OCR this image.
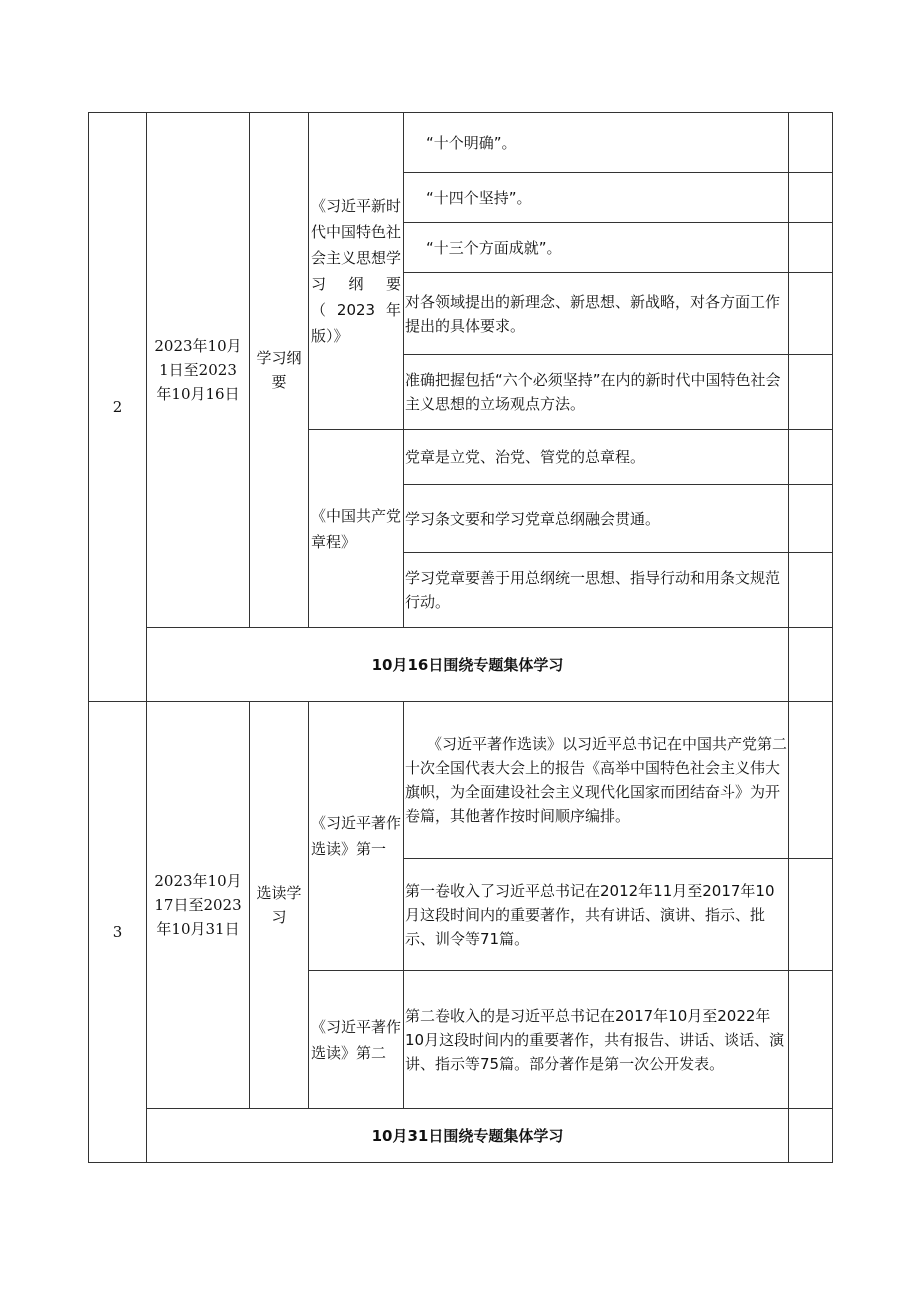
2	2023年10月1日至2023年10月16日	学习纲要	《习近平新时代中国特色社会主义思想学习纲要（2023年版）》	“十个明确”。	
				“十四个坚持”。	
				“十三个方面成就”。	
				对各领域提出的新理念、新思想、新战略，对各方面工作提出的具体要求。	
				准确把握包括“六个必须坚持”在内的新时代中国特色社会主义思想的立场观点方法。	
			《中国共产党章程》	党章是立党、治党、管党的总章程。	
				学习条文要和学习党章总纲融会贯通。	
				学习党章要善于用总纲统一思想、指导行动和用条文规范行动。	
	10月16日围绕专题集体学习				
3	2023年10月17日至2023年10月31日	选读学习	《习近平著作选读》第一	《习近平著作选读》以习近平总书记在中国共产党第二十次全国代表大会上的报告《高举中国特色社会主义伟大旗帜，为全面建设社会主义现代化国家而团结奋斗》为开卷篇，其他著作按时间顺序编排。	
				第一卷收入了习近平总书记在2012年11月至2017年10月这段时间内的重要著作，共有讲话、演讲、指示、批示、训令等71篇。	
			《习近平著作选读》第二	第二卷收入的是习近平总书记在2017年10月至2022年10月这段时间内的重要著作，共有报告、讲话、谈话、演讲、指示等75篇。部分著作是第一次公开发表。	
	10月31日围绕专题集体学习				
